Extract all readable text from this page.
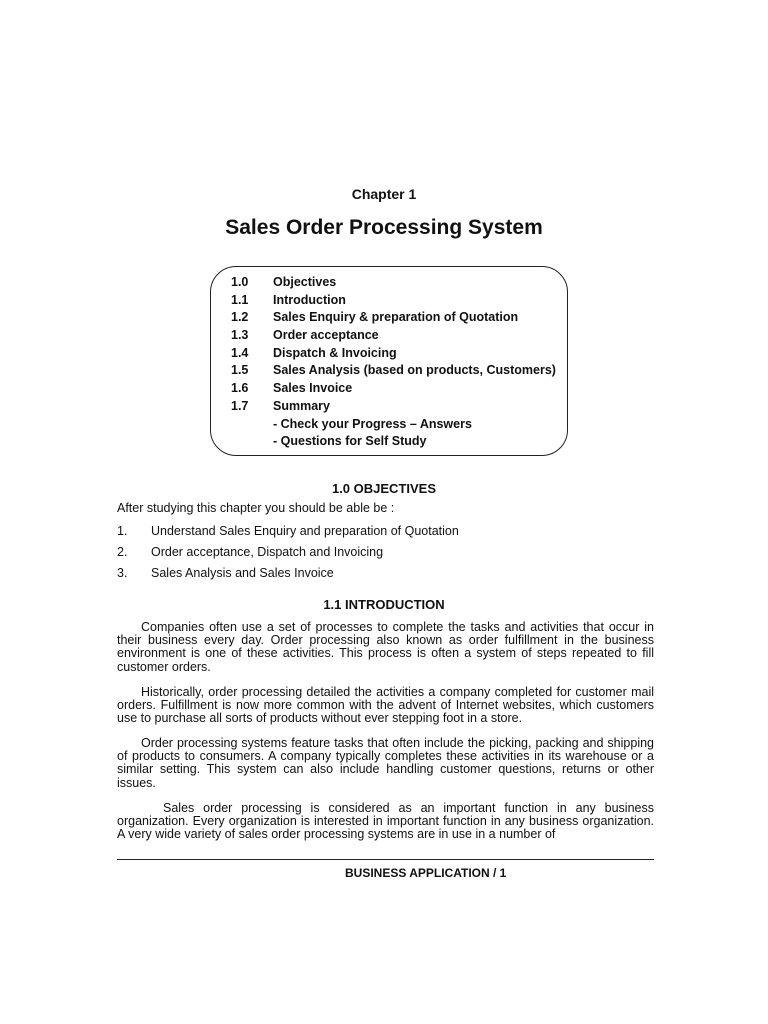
Chapter 1
Sales Order Processing System
1.0	Objectives
1.1	Introduction
1.2	Sales Enquiry & preparation of Quotation
1.3	Order acceptance
1.4	Dispatch & Invoicing
1.5	Sales Analysis (based on products, Customers)
1.6	Sales Invoice
1.7	Summary
- Check your Progress – Answers
- Questions for Self Study
1.0 OBJECTIVES
After studying this chapter you should be able be :
1. Understand Sales Enquiry and preparation of Quotation
2. Order acceptance, Dispatch and Invoicing
3. Sales Analysis and Sales Invoice
1.1 INTRODUCTION

Companies often use a set of processes to complete the tasks and activities that occur in their business every day. Order processing also known as order fulfillment in the business environment is one of these activities. This process is often a system of steps repeated to fill customer orders.

Historically, order processing detailed the activities a company completed for customer mail orders. Fulfillment is now more common with the advent of Internet websites, which customers use to purchase all sorts of products without ever stepping foot in a store.

Order processing systems feature tasks that often include the picking, packing and shipping of products to consumers. A company typically completes these activities in its warehouse or a similar setting. This system can also include handling customer questions, returns or other issues.

Sales order processing is considered as an important function in any business organization. Every organization is interested in important function in any business organization. A very wide variety of sales order processing systems are in use in a number of

BUSINESS APPLICATION / 1
